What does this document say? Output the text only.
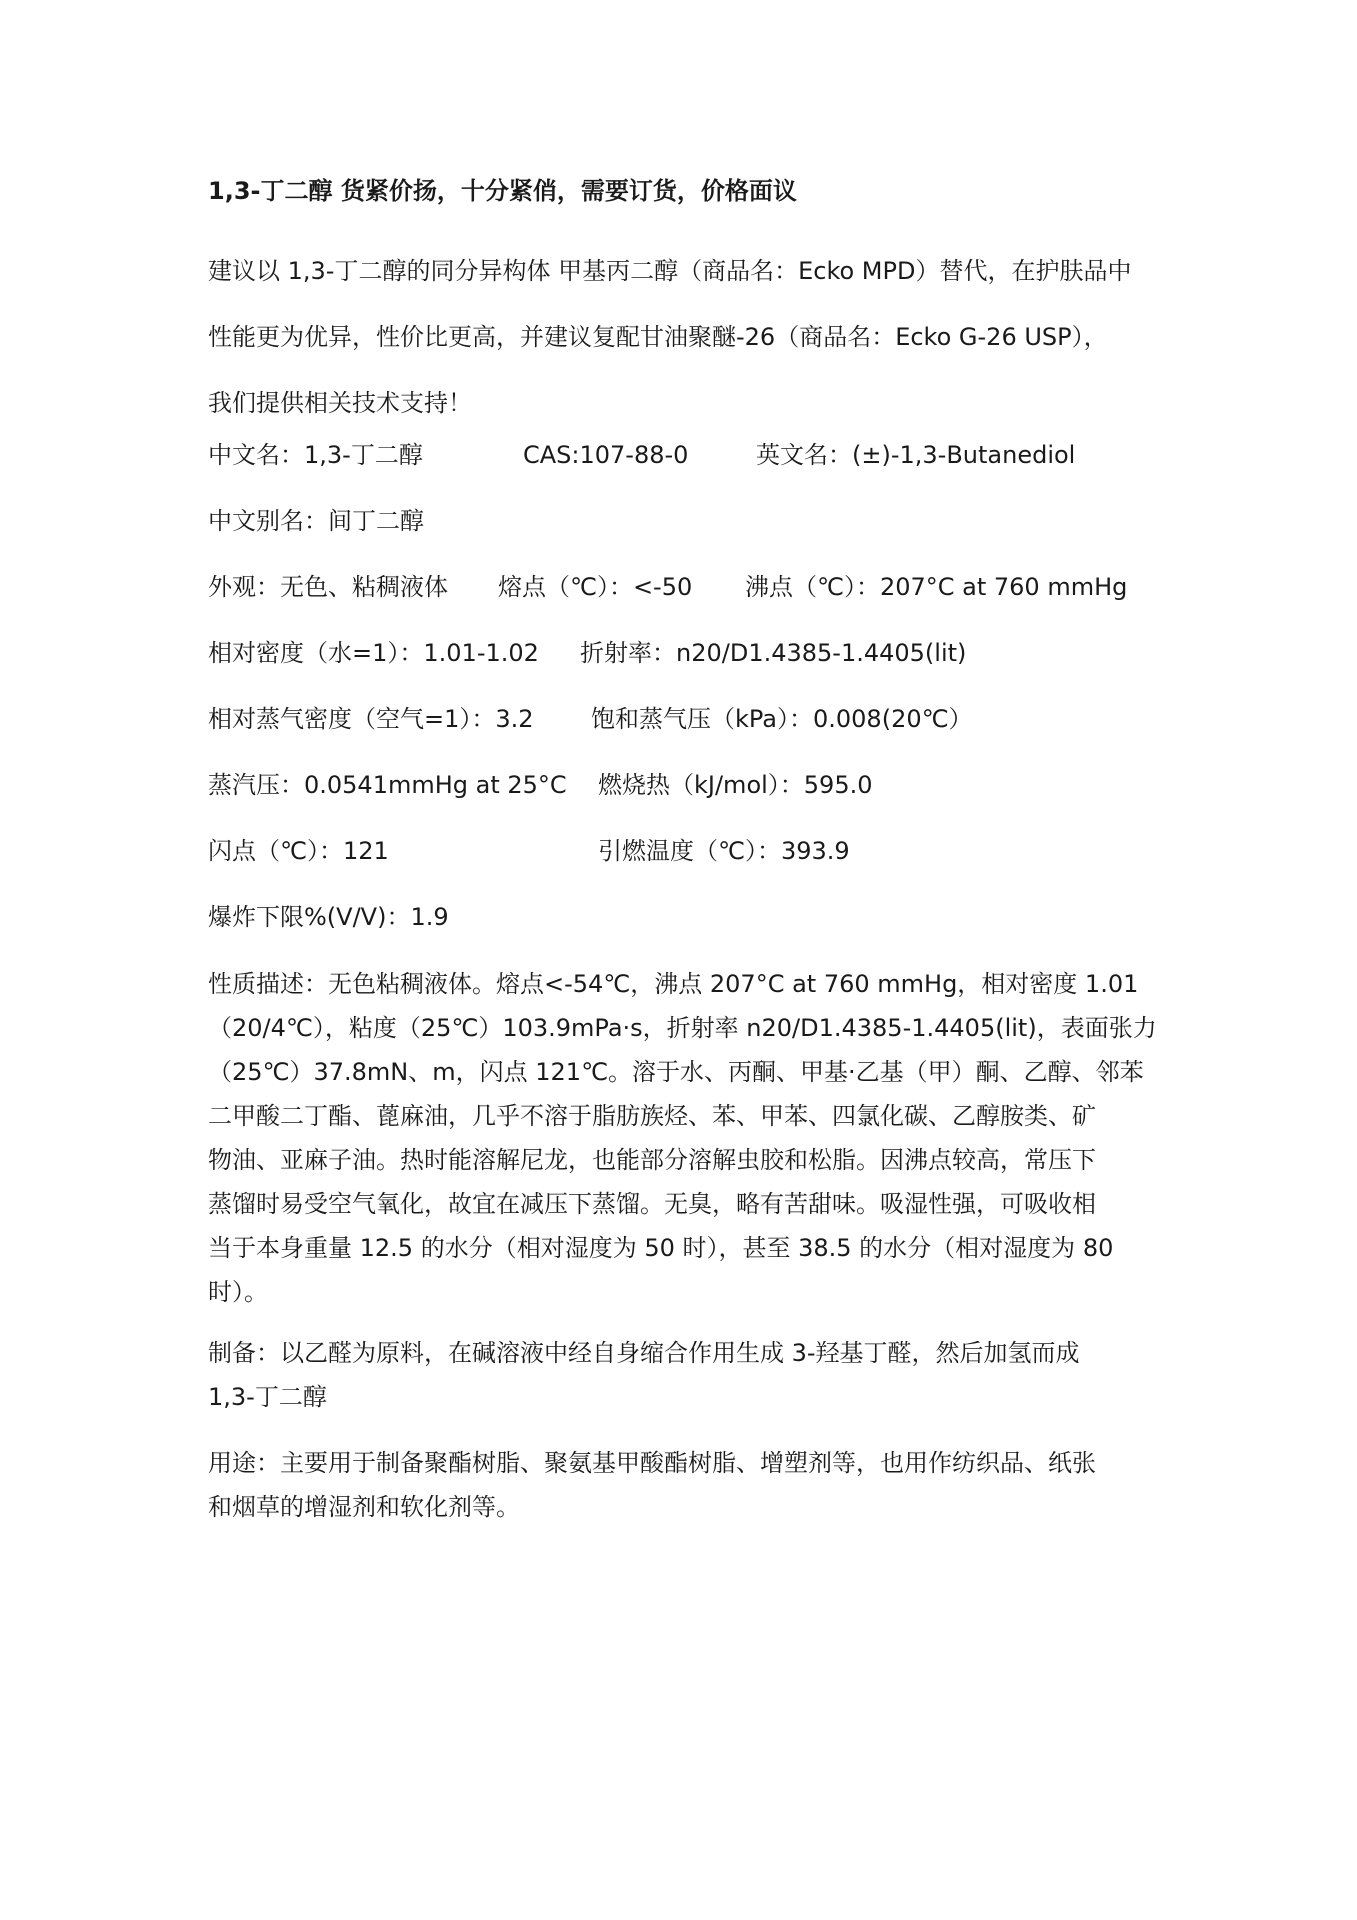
1,3-丁二醇 货紧价扬，十分紧俏，需要订货，价格面议

建议以 1,3-丁二醇的同分异构体 甲基丙二醇（商品名：Ecko MPD）替代，在护肤品中
性能更为优异，性价比更高，并建议复配甘油聚醚-26（商品名：Ecko G-26 USP），
我们提供相关技术支持！

中文名：1,3-丁二醇	CAS:107-88-0	英文名：(±)-1,3-Butanediol
中文别名：间丁二醇
外观：无色、粘稠液体 熔点（℃）：<-50 沸点（℃）：207°C at 760 mmHg
相对密度（水=1）：1.01-1.02 折射率：n20/D1.4385-1.4405(lit)
相对蒸气密度（空气=1）：3.2 饱和蒸气压（kPa）：0.008(20℃）
蒸汽压：0.0541mmHg at 25°C 燃烧热（kJ/mol）：595.0
闪点（℃）：121	引燃温度（℃）：393.9
爆炸下限%(V/V)：1.9

性质描述：无色粘稠液体。熔点<-54℃，沸点 207°C at 760 mmHg，相对密度 1.01
（20/4℃），粘度（25℃）103.9mPa·s，折射率 n20/D1.4385-1.4405(lit)，表面张力
（25℃）37.8mN、m，闪点 121℃。溶于水、丙酮、甲基·乙基（甲）酮、乙醇、邻苯
二甲酸二丁酯、蓖麻油，几乎不溶于脂肪族烃、苯、甲苯、四氯化碳、乙醇胺类、矿
物油、亚麻子油。热时能溶解尼龙，也能部分溶解虫胶和松脂。因沸点较高，常压下
蒸馏时易受空气氧化，故宜在减压下蒸馏。无臭，略有苦甜味。吸湿性强，可吸收相
当于本身重量 12.5 的水分（相对湿度为 50 时），甚至 38.5 的水分（相对湿度为 80
时）。

制备：以乙醛为原料，在碱溶液中经自身缩合作用生成 3-羟基丁醛，然后加氢而成
1,3-丁二醇

用途：主要用于制备聚酯树脂、聚氨基甲酸酯树脂、增塑剂等，也用作纺织品、纸张
和烟草的增湿剂和软化剂等。
